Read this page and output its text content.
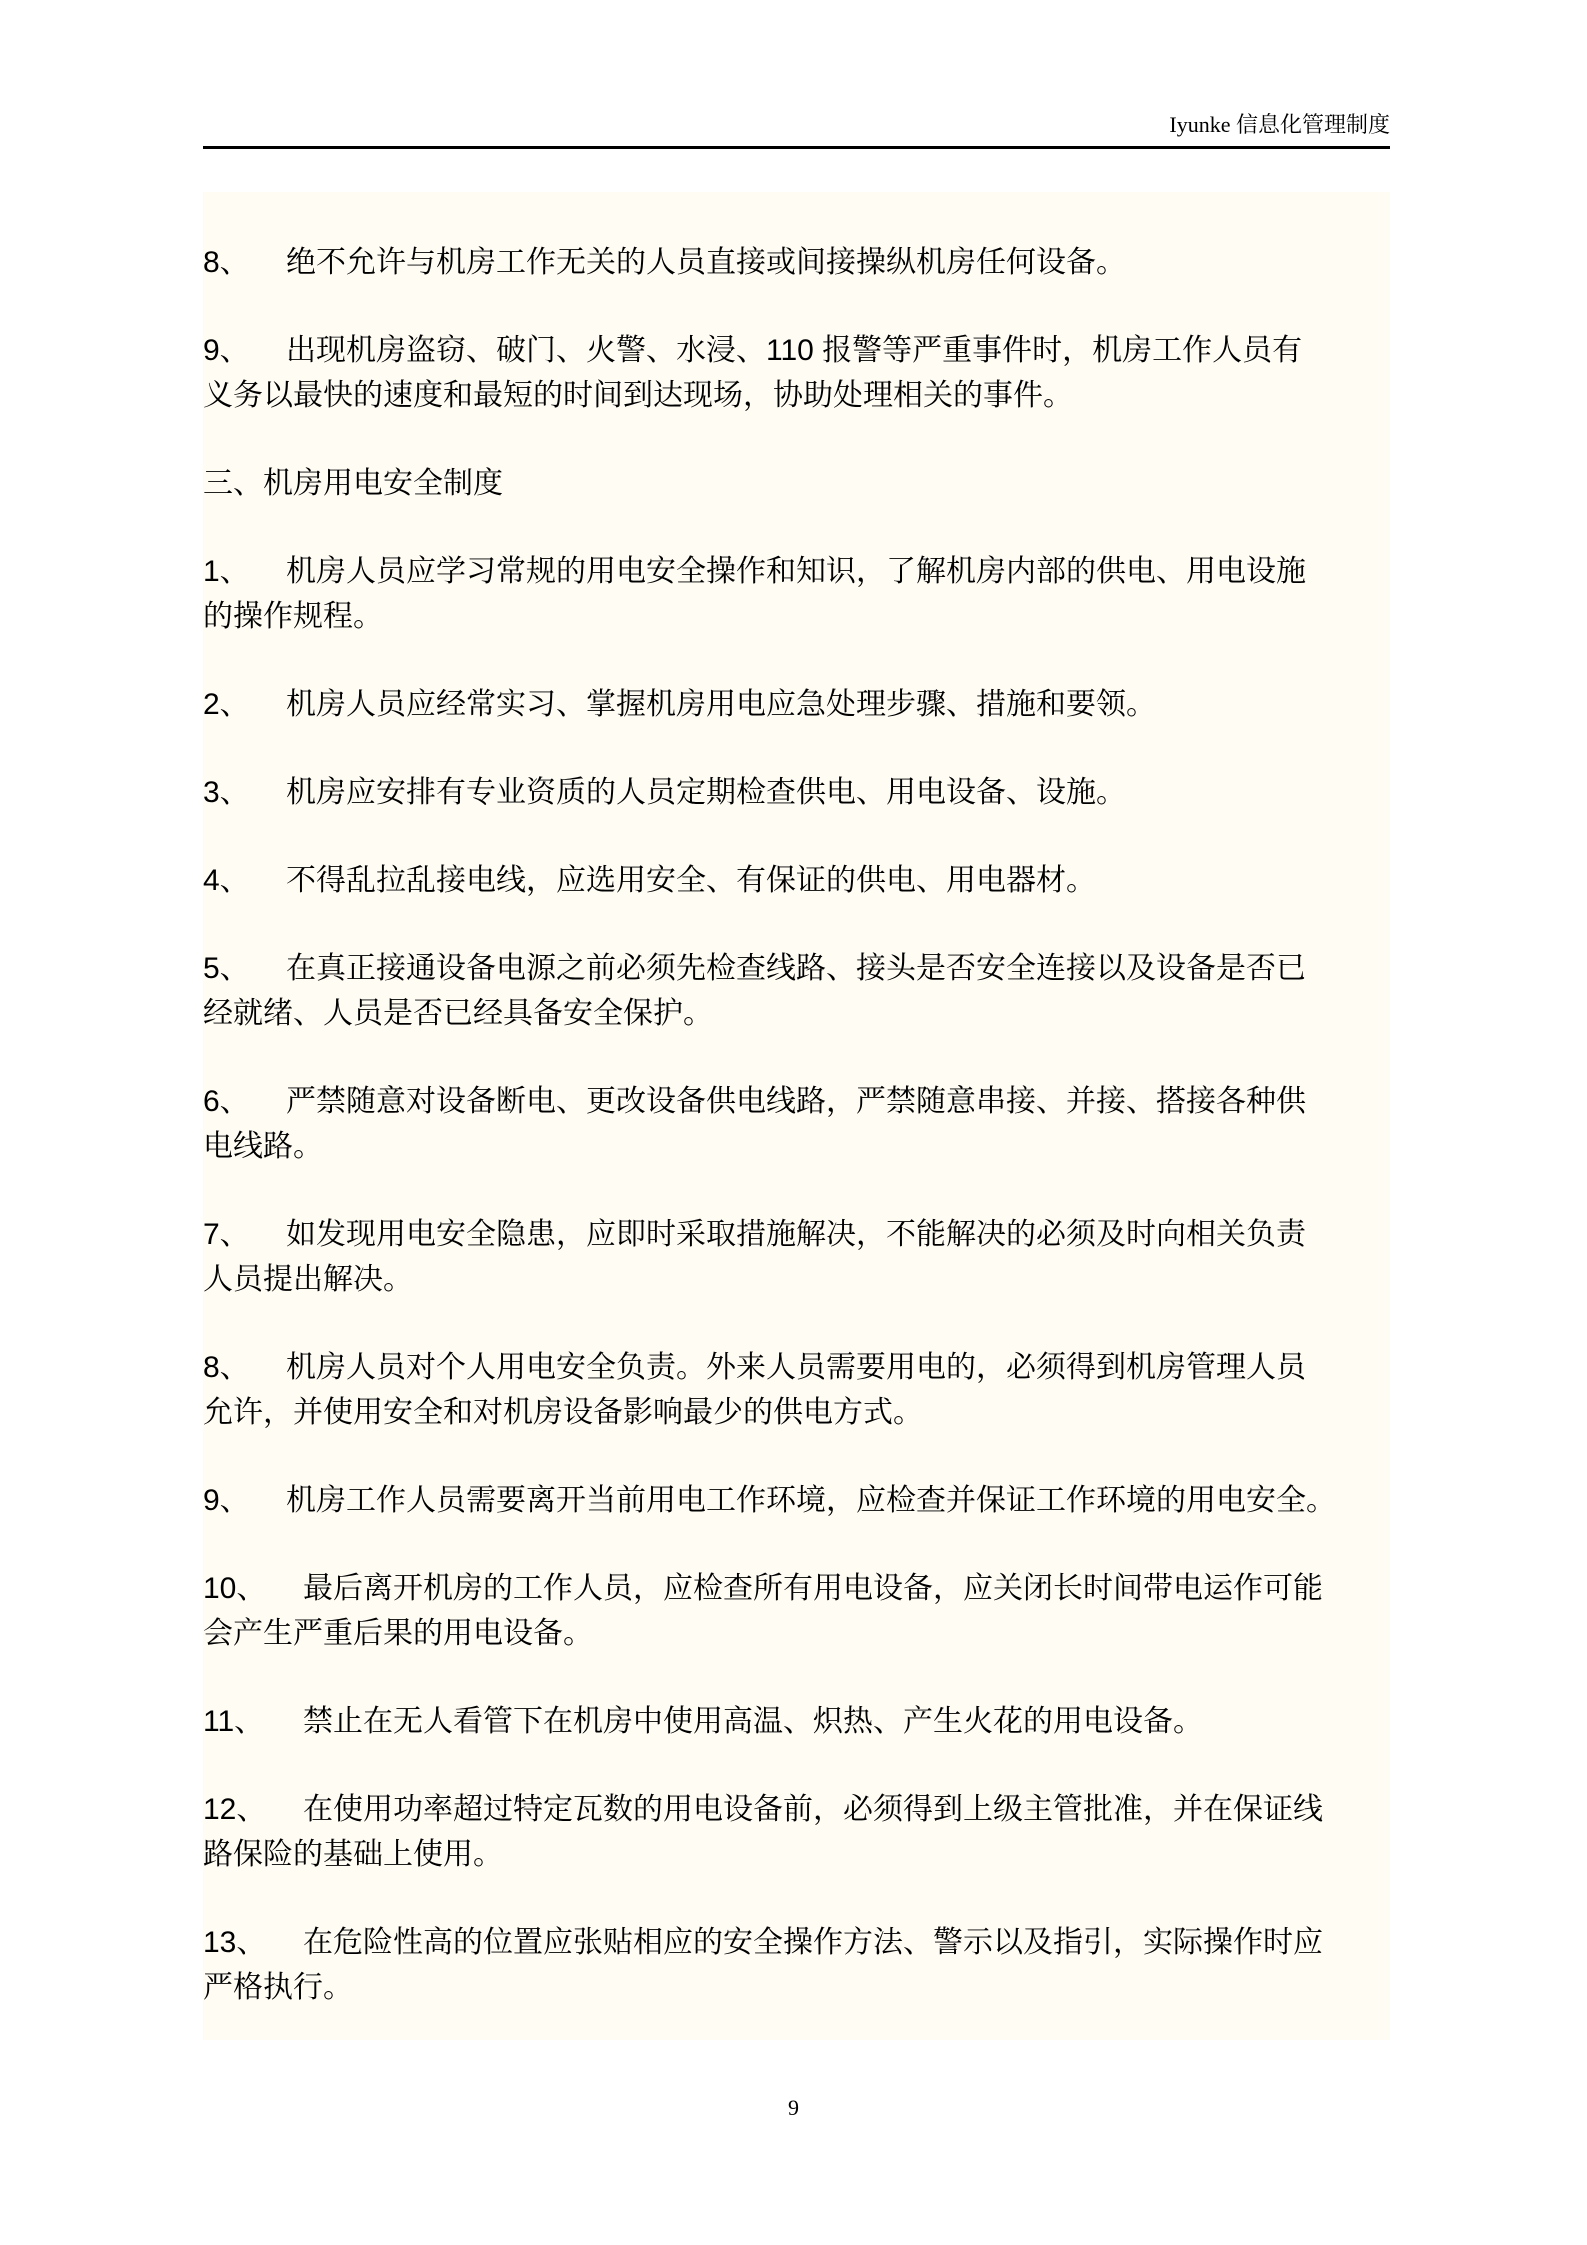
Iyunke 信息化管理制度
8、 绝不允许与机房工作无关的人员直接或间接操纵机房任何设备。
9、 出现机房盗窃、破门、火警、水浸、110 报警等严重事件时，机房工作人员有
义务以最快的速度和最短的时间到达现场，协助处理相关的事件。
三、机房用电安全制度
1、 机房人员应学习常规的用电安全操作和知识，了解机房内部的供电、用电设施
的操作规程。
2、 机房人员应经常实习、掌握机房用电应急处理步骤、措施和要领。
3、 机房应安排有专业资质的人员定期检查供电、用电设备、设施。
4、 不得乱拉乱接电线，应选用安全、有保证的供电、用电器材。
5、 在真正接通设备电源之前必须先检查线路、接头是否安全连接以及设备是否已
经就绪、人员是否已经具备安全保护。
6、 严禁随意对设备断电、更改设备供电线路，严禁随意串接、并接、搭接各种供
电线路。
7、 如发现用电安全隐患，应即时采取措施解决，不能解决的必须及时向相关负责
人员提出解决。
8、 机房人员对个人用电安全负责。外来人员需要用电的，必须得到机房管理人员
允许，并使用安全和对机房设备影响最少的供电方式。
9、 机房工作人员需要离开当前用电工作环境，应检查并保证工作环境的用电安全。
10、 最后离开机房的工作人员，应检查所有用电设备，应关闭长时间带电运作可能
会产生严重后果的用电设备。
11、 禁止在无人看管下在机房中使用高温、炽热、产生火花的用电设备。
12、 在使用功率超过特定瓦数的用电设备前，必须得到上级主管批准，并在保证线
路保险的基础上使用。
13、 在危险性高的位置应张贴相应的安全操作方法、警示以及指引，实际操作时应
严格执行。
9
